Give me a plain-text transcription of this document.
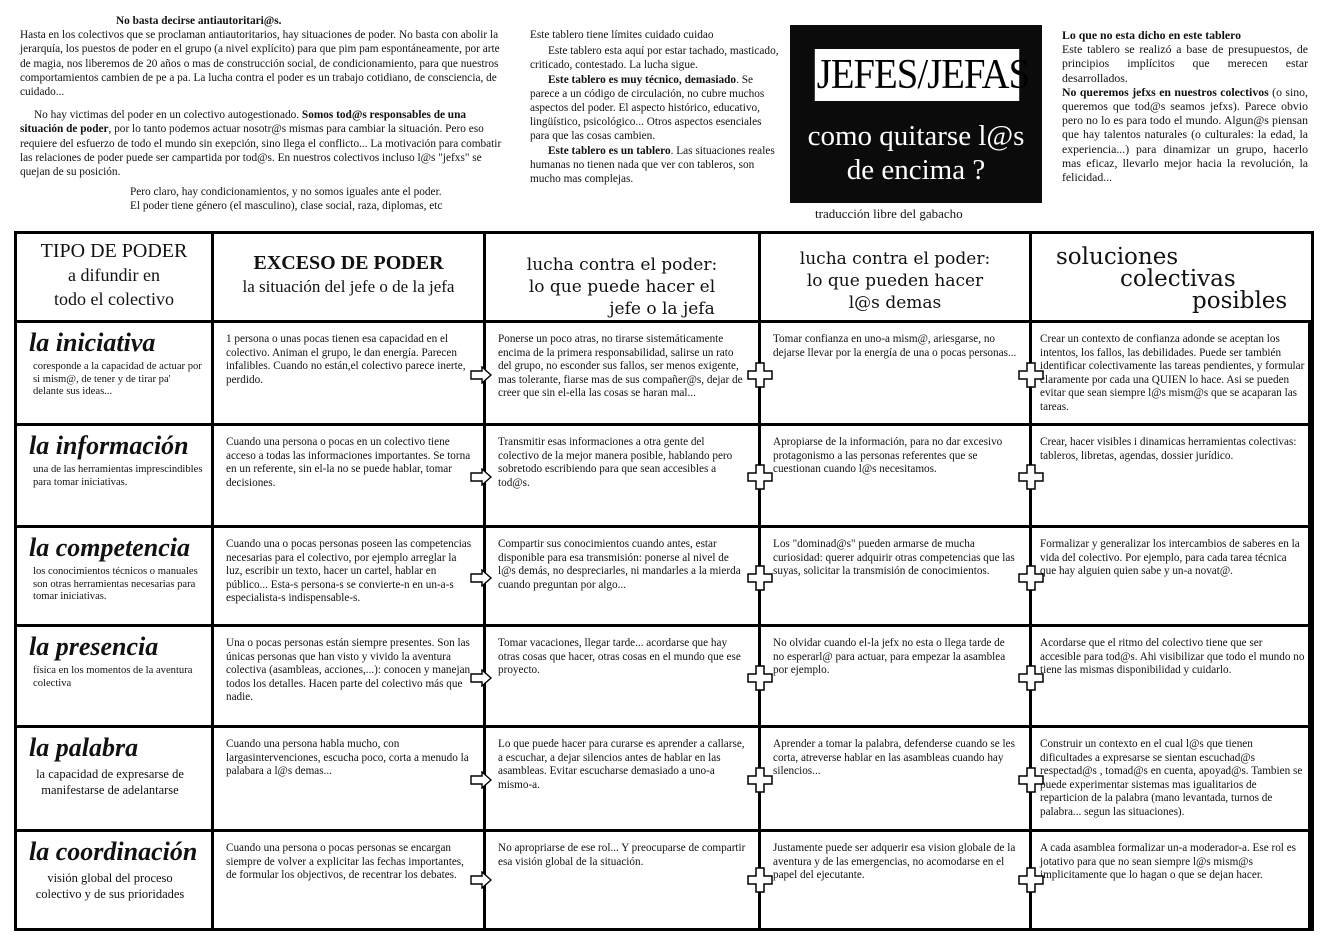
No basta decirse antiautoritari@s.
Hasta en los colectivos que se proclaman antiautoritarios, hay situaciones de poder. No basta con abolir la jerarquía, los puestos de poder en el grupo (a nivel explícito) para que pim pam espontáneamente, por arte de magia, nos liberemos de 20 años o mas de construcción social, de condicionamiento, para que nuestros comportamientos cambien de pe a pa. La lucha contra el poder es un trabajo cotidiano, de consciencia, de cuidado...
No hay victimas del poder en un colectivo autogestionado. Somos tod@s responsables de una situación de poder, por lo tanto podemos actuar nosotr@s mismas para cambiar la situación. Pero eso requiere del esfuerzo de todo el mundo sin exepción, sino llega el conflicto... La motivación para combatir las relaciones de poder puede ser campartida por tod@s. En nuestros colectivos incluso l@s "jefxs" se quejan de su posición.
Pero claro, hay condicionamientos, y no somos iguales ante el poder.
El poder tiene género (el masculino), clase social, raza, diplomas, etc
Este tablero tiene límites cuidado cuidao
Este tablero esta aquí por estar tachado, masticado, criticado, contestado. La lucha sigue.
Este tablero es muy técnico, demasiado. Se parece a un código de circulación, no cubre muchos aspectos del poder. El aspecto histórico, educativo, lingüístico, psicológico... Otros aspectos esenciales para que las cosas cambien.
Este tablero es un tablero. Las situaciones reales humanas no tienen nada que ver con tableros, son mucho mas complejas.
JEFES/JEFAS
como quitarse l@s
de encima ?
traducción libre del gabacho
Lo que no esta dicho en este tablero
Este tablero se realizó a base de presupuestos, de principios implícitos que merecen estar desarrollados.
No queremos jefxs en nuestros colectivos (o sino, queremos que tod@s seamos jefxs). Parece obvio pero no lo es para todo el mundo. Algun@s piensan que hay talentos naturales (o culturales: la edad, la experiencia...) para dinamizar un grupo, hacerlo mas eficaz, llevarlo mejor hacia la revolución, la felicidad...
TIPO DE PODER
a difundir en
todo el colectivo
EXCESO DE PODER
la situación del jefe o de la jefa
lucha contra el poder:
lo que puede hacer el
jefe o la jefa
lucha contra el poder:
lo que pueden hacer
l@s demas
soluciones
colectivas
posibles
la iniciativa
coresponde a la capacidad de actuar por si mism@, de tener y de tirar pa' delante sus ideas...
1 persona o unas pocas tienen esa capacidad en el colectivo. Animan el grupo, le dan energía. Parecen infalibles. Cuando no están,el colectivo parece inerte, perdido.
Ponerse un poco atras, no tirarse sistemáticamente encima de la primera responsabilidad, salirse un rato del grupo, no esconder sus fallos, ser menos exigente, mas tolerante, fiarse mas de sus compañer@s, dejar de creer que sin el-ella las cosas se haran mal...
Tomar confianza en uno-a mism@, ariesgarse, no dejarse llevar por la energía de una o pocas personas...
Crear un contexto de confianza adonde se aceptan los intentos, los fallos, las debilidades. Puede ser también identificar colectivamente las tareas pendientes, y formular claramente por cada una QUIEN lo hace. Asi se pueden evitar que sean siempre l@s mism@s que se acaparan las tareas.
la información
una de las herramientas imprescindibles para tomar iniciativas.
Cuando una persona o pocas en un colectivo tiene acceso a todas las informaciones importantes. Se torna en un referente, sin el-la no se puede hablar, tomar decisiones.
Transmitir esas informaciones a otra gente del colectivo de la mejor manera posible, hablando pero sobretodo escribiendo para que sean accesibles a tod@s.
Apropiarse de la información, para no dar excesivo protagonismo a las personas referentes que se cuestionan cuando l@s necesitamos.
Crear, hacer visibles i dinamicas herramientas colectivas: tableros, libretas, agendas, dossier jurídico.
la competencia
los conocimientos técnicos o manuales son otras herramientas necesarias para tomar iniciativas.
Cuando una o pocas personas poseen las competencias necesarias para el colectivo, por ejemplo arreglar la luz, escribir un texto, hacer un cartel, hablar en público... Esta-s persona-s se convierte-n en un-a-s especialista-s indispensable-s.
Compartir sus conocimientos cuando antes, estar disponible para esa transmisión: ponerse al nivel de l@s demás, no despreciarles, ni mandarles a la mierda cuando preguntan por algo...
Los "dominad@s" pueden armarse de mucha curiosidad: querer adquirir otras competencias que las suyas, solicitar la transmisión de conocimientos.
Formalizar y generalizar los intercambios de saberes en la vida del colectivo. Por ejemplo, para cada tarea técnica que hay alguien quien sabe y un-a novat@.
la presencia
física en los momentos de la aventura colectiva
Una o pocas personas están siempre presentes. Son las únicas personas que han visto y vivido la aventura colectiva (asambleas, acciones,...): conocen y manejan todos los detalles. Hacen parte del colectivo más que nadie.
Tomar vacaciones, llegar tarde... acordarse que hay otras cosas que hacer, otras cosas en el mundo que ese proyecto.
No olvidar cuando el-la jefx no esta o llega tarde de no esperarl@ para actuar, para empezar la asamblea por ejemplo.
Acordarse que el ritmo del colectivo tiene que ser accesible para tod@s. Ahi visibilizar que todo el mundo no tiene las mismas disponibilidad y cuidarlo.
la palabra
la capacidad de expresarse de manifestarse de adelantarse
Cuando una persona habla mucho, con largasintervenciones, escucha poco, corta a menudo la palabara a l@s demas...
Lo que puede hacer para curarse es aprender a callarse, a escuchar, a dejar silencios antes de hablar en las asambleas. Evitar escucharse demasiado a uno-a mismo-a.
Aprender a tomar la palabra, defenderse cuando se les corta, atreverse hablar en las asambleas cuando hay silencios...
Construir un contexto en el cual l@s que tienen dificultades a expresarse se sientan escuchad@s respectad@s , tomad@s en cuenta, apoyad@s. Tambien se puede experimentar sistemas mas igualitarios de reparticion de la palabra (mano levantada, turnos de palabra... segun las situaciones).
la coordinación
visión global del proceso colectivo y de sus prioridades
Cuando una persona o pocas personas se encargan siempre de volver a explicitar las fechas importantes, de formular los objectivos, de recentrar los debates.
No apropriarse de ese rol... Y preocuparse de compartir esa visión global de la situación.
Justamente puede ser adquerir esa vision globale de la aventura y de las emergencias, no acomodarse en el papel del ejecutante.
A cada asamblea formalizar un-a moderador-a. Ese rol es jotativo para que no sean siempre l@s mism@s implicitamente que lo hagan o que se dejan hacer.
